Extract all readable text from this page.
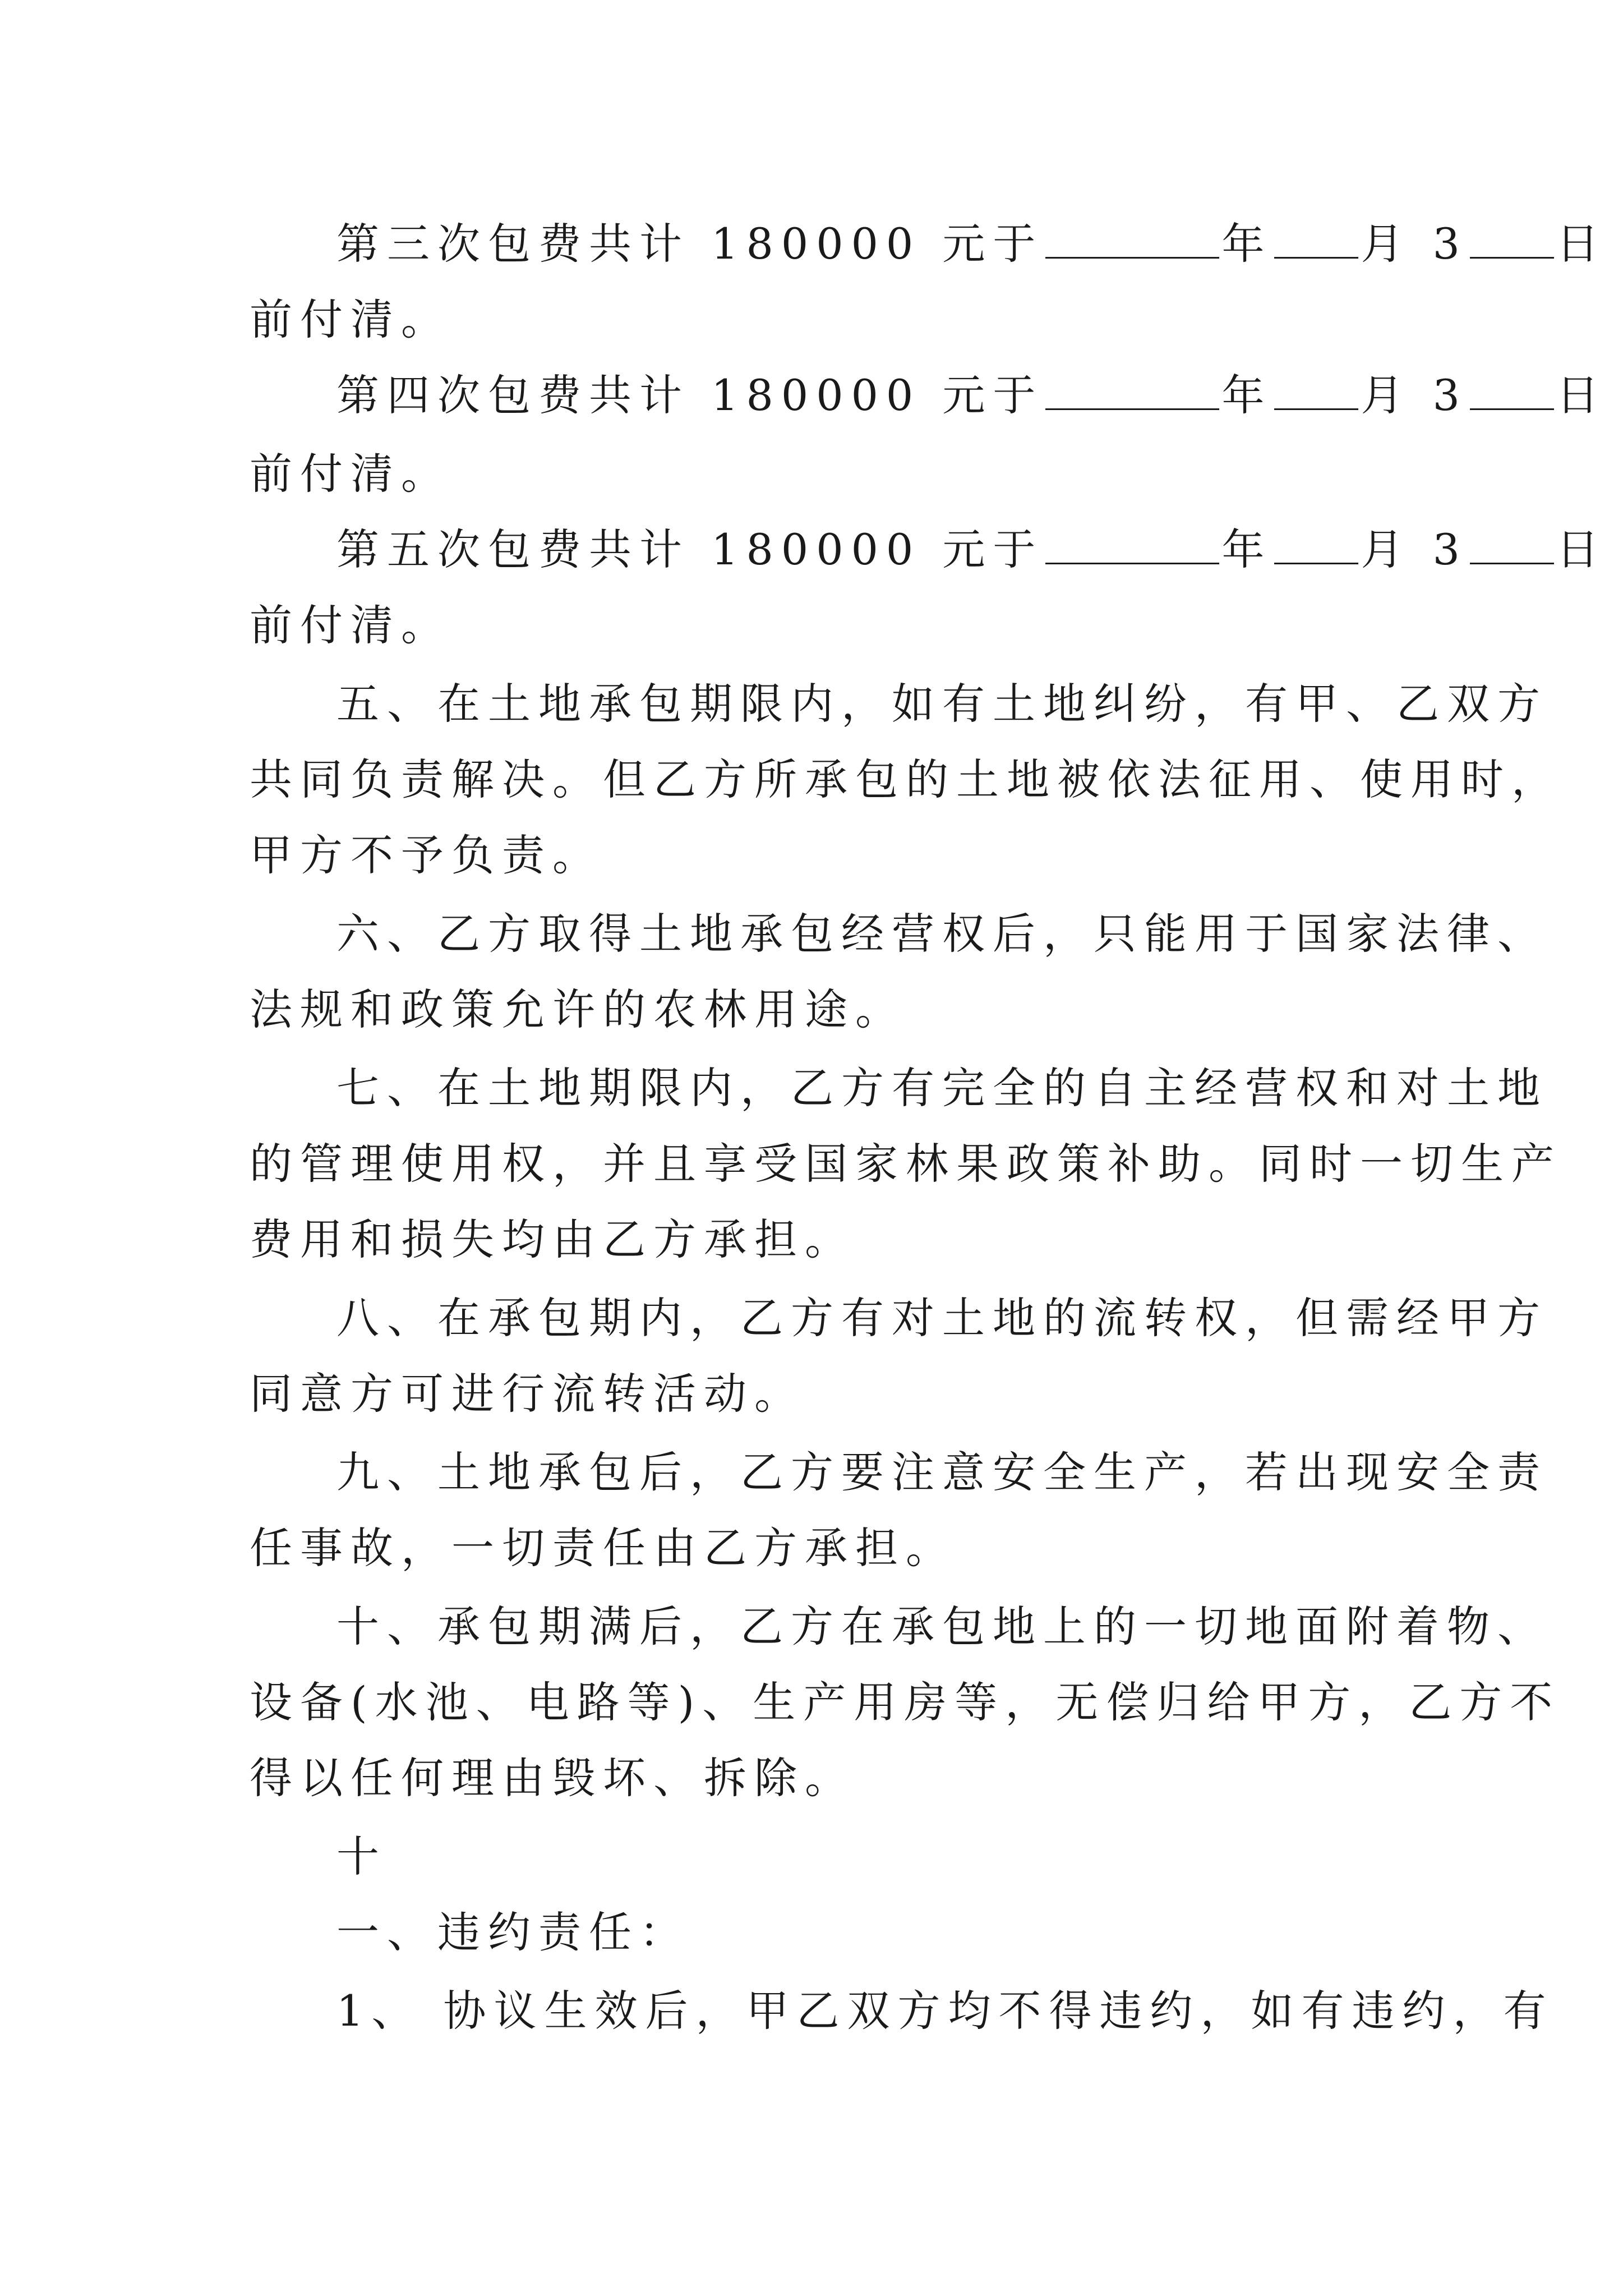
第三次包费共计 180000 元于	年 月 3 日
前付清。
第四次包费共计 180000 元于	年 月 3 日
前付清。
第五次包费共计 180000 元于	年 月 3 日
前付清。
五、在土地承包期限内，如有土地纠纷，有甲、乙双方
共同负责解决。但乙方所承包的土地被依法征用、使用时，
甲方不予负责。
六、乙方取得土地承包经营权后，只能用于国家法律、
法规和政策允许的农林用途。
七、在土地期限内，乙方有完全的自主经营权和对土地
的管理使用权，并且享受国家林果政策补助。同时一切生产
费用和损失均由乙方承担。
八、在承包期内，乙方有对土地的流转权，但需经甲方
同意方可进行流转活动。
九、土地承包后，乙方要注意安全生产，若出现安全责
任事故，一切责任由乙方承担。
十、承包期满后，乙方在承包地上的一切地面附着物、
设备(水池、电路等)、生产用房等，无偿归给甲方，乙方不
得以任何理由毁坏、拆除。
十
一、违约责任：
1、 协议生效后，甲乙双方均不得违约，如有违约，有
